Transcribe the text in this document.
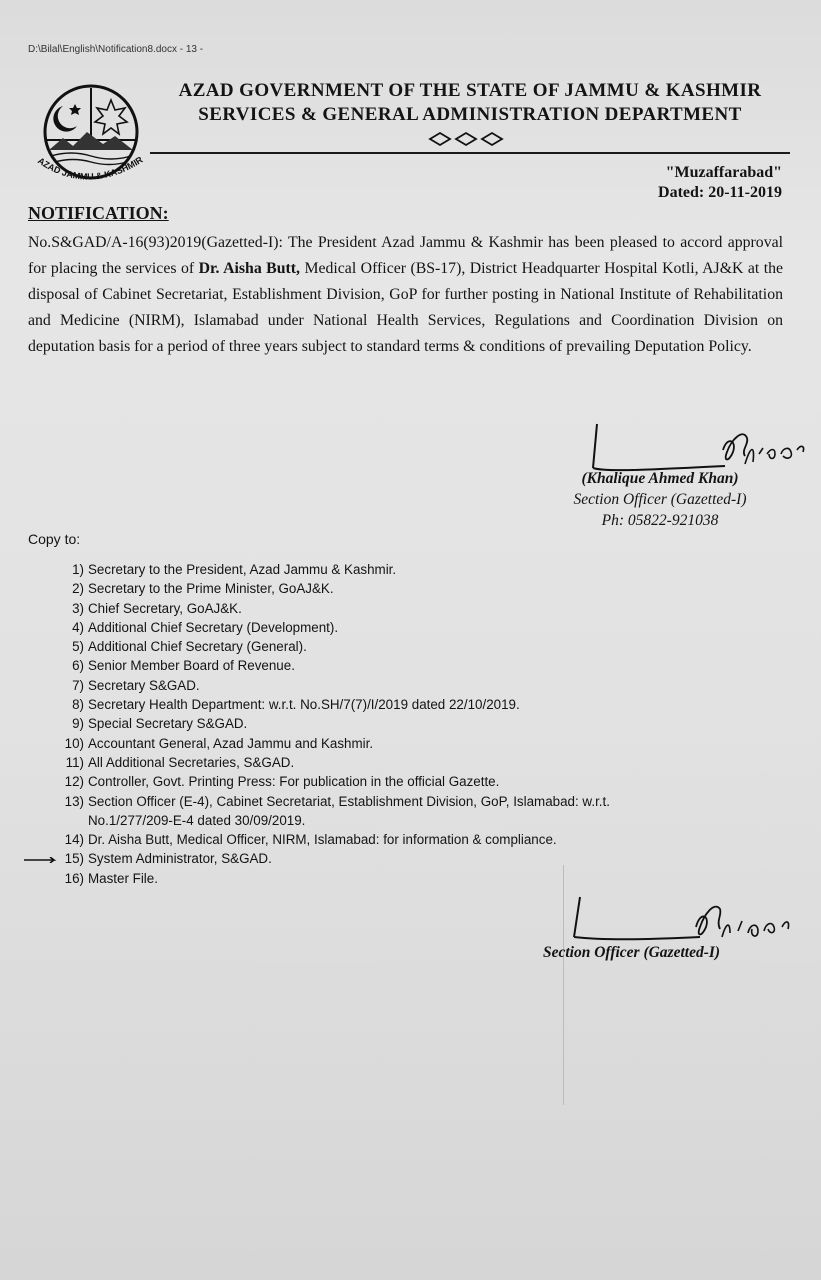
D:\Bilal\English\Notification8.docx - 13 -
AZAD JAMMU & KASHMIR
AZAD GOVERNMENT OF THE STATE OF JAMMU & KASHMIR
SERVICES & GENERAL ADMINISTRATION DEPARTMENT
"Muzaffarabad"
Dated: 20-11-2019
NOTIFICATION:
No.S&GAD/A-16(93)2019(Gazetted-I): The President Azad Jammu & Kashmir has been pleased to accord approval for placing the services of Dr. Aisha Butt, Medical Officer (BS-17), District Headquarter Hospital Kotli, AJ&K at the disposal of Cabinet Secretariat, Establishment Division, GoP for further posting in National Institute of Rehabilitation and Medicine (NIRM), Islamabad under National Health Services, Regulations and Coordination Division on deputation basis for a period of three years subject to standard terms & conditions of prevailing Deputation Policy.
(Khalique Ahmed Khan)
Section Officer (Gazetted-I)
Ph: 05822-921038
Copy to:
1) Secretary to the President, Azad Jammu & Kashmir.
2) Secretary to the Prime Minister, GoAJ&K.
3) Chief Secretary, GoAJ&K.
4) Additional Chief Secretary (Development).
5) Additional Chief Secretary (General).
6) Senior Member Board of Revenue.
7) Secretary S&GAD.
8) Secretary Health Department: w.r.t. No.SH/7(7)/I/2019 dated 22/10/2019.
9) Special Secretary S&GAD.
10) Accountant General, Azad Jammu and Kashmir.
11) All Additional Secretaries, S&GAD.
12) Controller, Govt. Printing Press: For publication in the official Gazette.
13) Section Officer (E-4), Cabinet Secretariat, Establishment Division, GoP, Islamabad: w.r.t.
No.1/277/209-E-4 dated 30/09/2019.
14) Dr. Aisha Butt, Medical Officer, NIRM, Islamabad: for information & compliance.
15) System Administrator, S&GAD.
16) Master File.
Section Officer (Gazetted-I)
